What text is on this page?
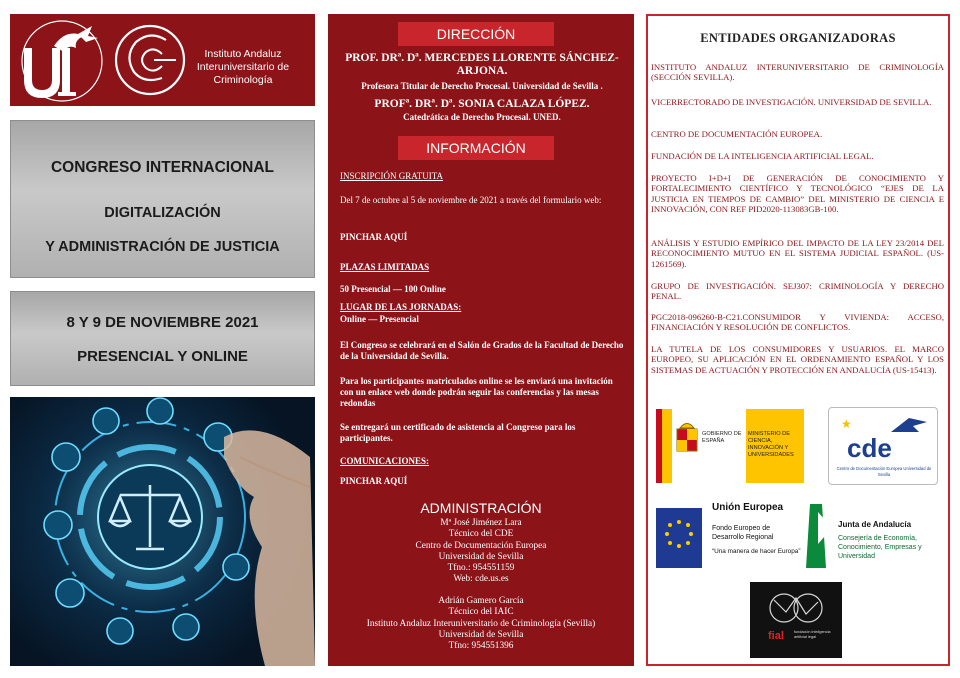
Instituto Andaluz Interuniversitario de Criminología
CONGRESO INTERNACIONAL
DIGITALIZACIÓN
Y ADMINISTRACIÓN DE JUSTICIA
8 Y 9 DE NOVIEMBRE 2021
PRESENCIAL Y ONLINE
DIRECCIÓN
PROF. DRª. Dª. MERCEDES LLORENTE SÁNCHEZ-ARJONA.
Profesora Titular de Derecho Procesal. Universidad de Sevilla .
PROFª. DRª. Dª. SONIA CALAZA LÓPEZ.
Catedrática de Derecho Procesal. UNED.
INFORMACIÓN
INSCRIPCIÓN GRATUITA
Del 7 de octubre al 5 de noviembre de 2021 a través del formulario web:
PINCHAR AQUÍ
PLAZAS LIMITADAS
50 Presencial — 100 Online
LUGAR DE LAS JORNADAS:
Online — Presencial
El Congreso se celebrará en el Salón de Grados de la Facultad de Derecho de la Universidad de Sevilla.
Para los participantes matriculados online se les enviará una invitación con un enlace web donde podrán seguir las conferencias y las mesas redondas
Se entregará un certificado de asistencia al Congreso para los participantes.
COMUNICACIONES:
PINCHAR AQUÍ
ADMINISTRACIÓN
Mª José Jiménez Lara
Técnico del CDE
Centro de Documentación Europea
Universidad de Sevilla
Tfno.: 954551159
Web: cde.us.es
Adrián Gamero García
Técnico del IAIC
Instituto Andaluz Interuniversitario de Criminología (Sevilla)
Universidad de Sevilla
Tfno: 954551396
ENTIDADES ORGANIZADORAS
INSTITUTO ANDALUZ INTERUNIVERSITARIO DE CRIMINOLOGÍA (SECCIÓN SEVILLA).
VICERRECTORADO DE INVESTIGACIÓN. UNIVERSIDAD DE SEVILLA.
CENTRO DE DOCUMENTACIÓN EUROPEA.
FUNDACIÓN DE LA INTELIGENCIA ARTIFICIAL LEGAL.
PROYECTO I+D+I DE GENERACIÓN DE CONOCIMIENTO Y FORTALECIMIENTO CIENTÍFICO Y TECNOLÓGICO “EJES DE LA JUSTICIA EN TIEMPOS DE CAMBIO” DEL MINISTERIO DE CIENCIA E INNOVACIÓN, CON REF PID2020-113083GB-100.
ANÁLISIS Y ESTUDIO EMPÍRICO DEL IMPACTO DE LA LEY 23/2014 DEL RECONOCIMIENTO MUTUO EN EL SISTEMA JUDICIAL ESPAÑOL. (US-1261569).
GRUPO DE INVESTIGACIÓN. SEJ307: CRIMINOLOGÍA Y DERECHO PENAL.
PGC2018-096260-B-C21.CONSUMIDOR Y VIVIENDA: ACCESO, FINANCIACIÓN Y RESOLUCIÓN DE CONFLICTOS.
LA TUTELA DE LOS CONSUMIDORES Y USUARIOS. EL MARCO EUROPEO, SU APLICACIÓN EN EL ORDENAMIENTO ESPAÑOL Y LOS SISTEMAS DE ACTUACIÓN Y PROTECCIÓN EN ANDALUCÍA (US-15413).
GOBIERNO DE ESPAÑA
MINISTERIO DE CIENCIA, INNOVACIÓN Y UNIVERSIDADES
★
cde
Centro de Documentación Europea Universidad de Sevilla
Unión Europea
Fondo Europeo de Desarrollo Regional
“Una manera de hacer Europa”
Junta de Andalucía
Consejería de Economía, Conocimiento, Empresas y Universidad
fial	fundación inteligencia artificial legal
